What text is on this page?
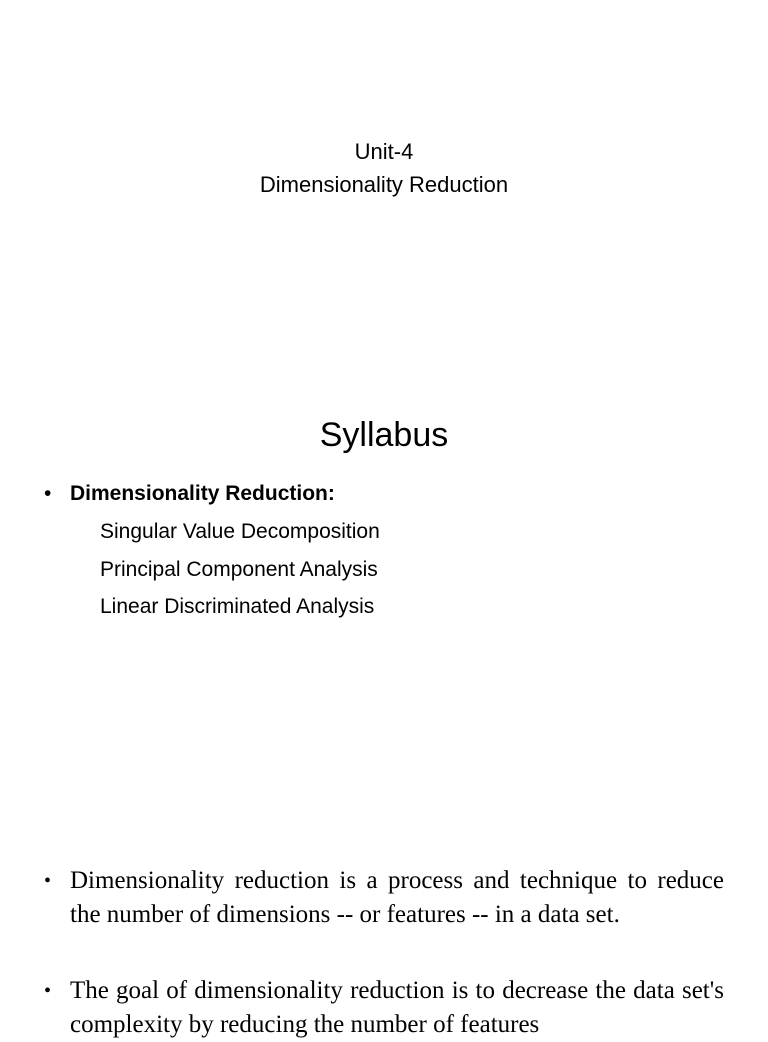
Unit-4
Dimensionality Reduction
Syllabus
• Dimensionality Reduction:
Singular Value Decomposition
Principal Component Analysis
Linear Discriminated Analysis
• Dimensionality reduction is a process and technique to reduce the number of dimensions -- or features -- in a data set.
• The goal of dimensionality reduction is to decrease the data set's complexity by reducing the number of features
